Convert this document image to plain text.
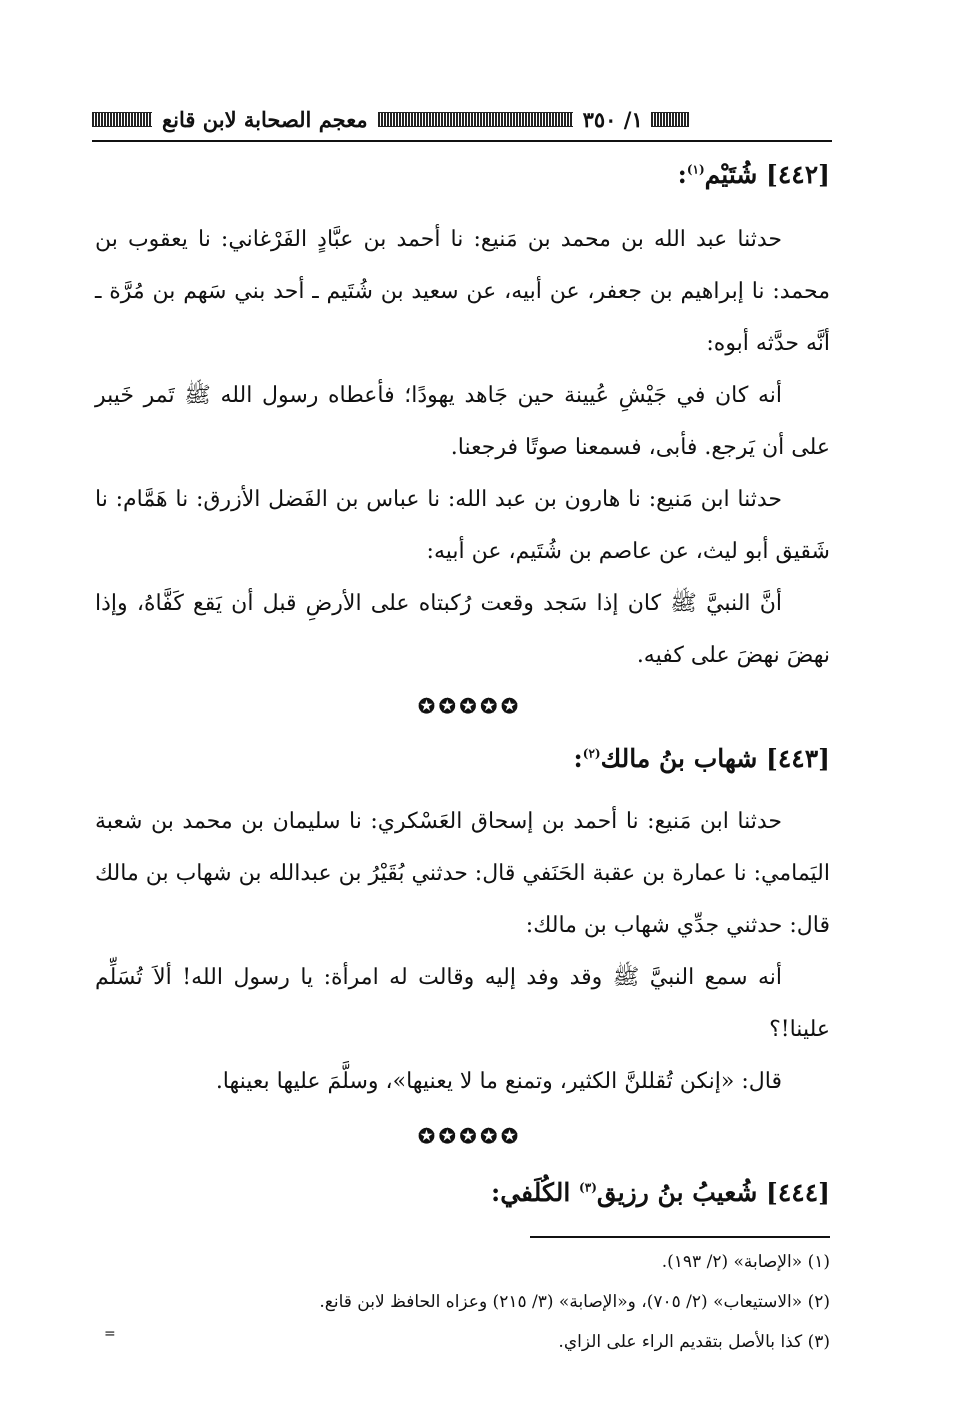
معجم الصحابة لابن قانع	١/ ٣٥٠
[٤٤٢] شُتَيْم$^{(١)}$:

حدثنا عبد الله بن محمد بن مَنيع: نا أحمد بن عبَّادٍ الفَرْغاني: نا يعقوب بن محمد: نا إبراهيم بن جعفر، عن أبيه، عن سعيد بن شُتَيم ـ أحد بني سَهم بن مُرَّة ـ أنَّه حدَّثه أبوه:

أنه كان في جَيْشِ عُيينة حين جَاهد يهودًا؛ فأعطاه رسول الله ﷺ تَمر خَيبر على أن يَرجع. فأبى، فسمعنا صوتًا فرجعنا.

حدثنا ابن مَنيع: نا هارون بن عبد الله: نا عباس بن الفَضل الأزرق: نا هَمَّام: نا شَقيق أبو ليث، عن عاصم بن شُتَيم، عن أبيه:

أنَّ النبيَّ ﷺ كان إذا سَجد وقعت رُكبتاه على الأرضِ قبل أن يَقع كَفَّاهُ، وإذا نهضَ نهضَ على كفيه.

✪✪✪✪✪
[٤٤٣] شهاب بنُ مالك$^{(٢)}$:

حدثنا ابن مَنيع: نا أحمد بن إسحاق العَسْكري: نا سليمان بن محمد بن شعبة اليَمامي: نا عمارة بن عقبة الحَنَفي قال: حدثني بُقَيْرُ بن عبدالله بن شهاب بن مالك قال: حدثني جدِّي شهاب بن مالك:

أنه سمع النبيَّ ﷺ وقد وفد إليه وقالت له امرأة: يا رسول الله! ألاَ تُسَلِّم علينا!؟

قال: «إنكن تُقللنَّ الكثير، وتمنع ما لا يعنيها»، وسلَّمَ عليها بعينها.

✪✪✪✪✪
[٤٤٤] شُعيبُ بنُ رزيق$^{(٣)}$ الكُلَفي:

(١) «الإصابة» (٢/ ١٩٣).

(٢) «الاستيعاب» (٢/ ٧٠٥)، و«الإصابة» (٣/ ٢١٥) وعزاه الحافظ لابن قانع.

(٣) كذا بالأصل بتقديم الراء على الزاي.

=
